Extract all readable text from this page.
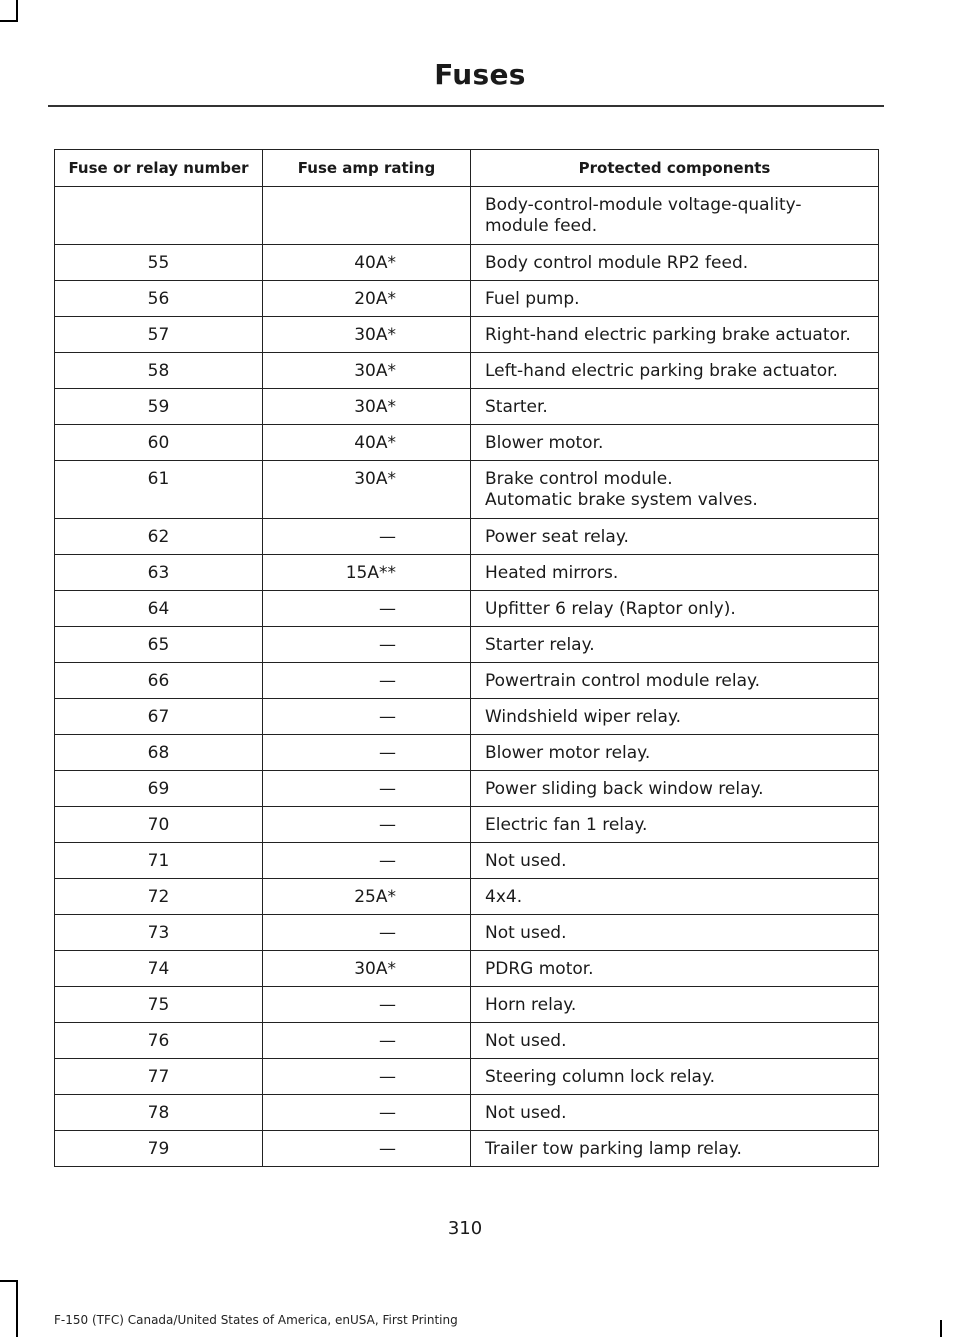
Fuses
Fuse or relay number	Fuse amp rating	Protected components

		Body-control-module voltage-quality-
module feed.

55	40A*	Body control module RP2 feed.

56	20A*	Fuel pump.

57	30A*	Right-hand electric parking brake actuator.

58	30A*	Left-hand electric parking brake actuator.

59	30A*	Starter.

60	40A*	Blower motor.

61	30A*	Brake control module.
Automatic brake system valves.

62	—	Power seat relay.

63	15A**	Heated mirrors.

64	—	Upfitter 6 relay (Raptor only).

65	—	Starter relay.

66	—	Powertrain control module relay.

67	—	Windshield wiper relay.

68	—	Blower motor relay.

69	—	Power sliding back window relay.

70	—	Electric fan 1 relay.

71	—	Not used.

72	25A*	4x4.

73	—	Not used.

74	30A*	PDRG motor.

75	—	Horn relay.

76	—	Not used.

77	—	Steering column lock relay.

78	—	Not used.

79	—	Trailer tow parking lamp relay.
310
F-150 (TFC) Canada/United States of America, enUSA, First Printing
